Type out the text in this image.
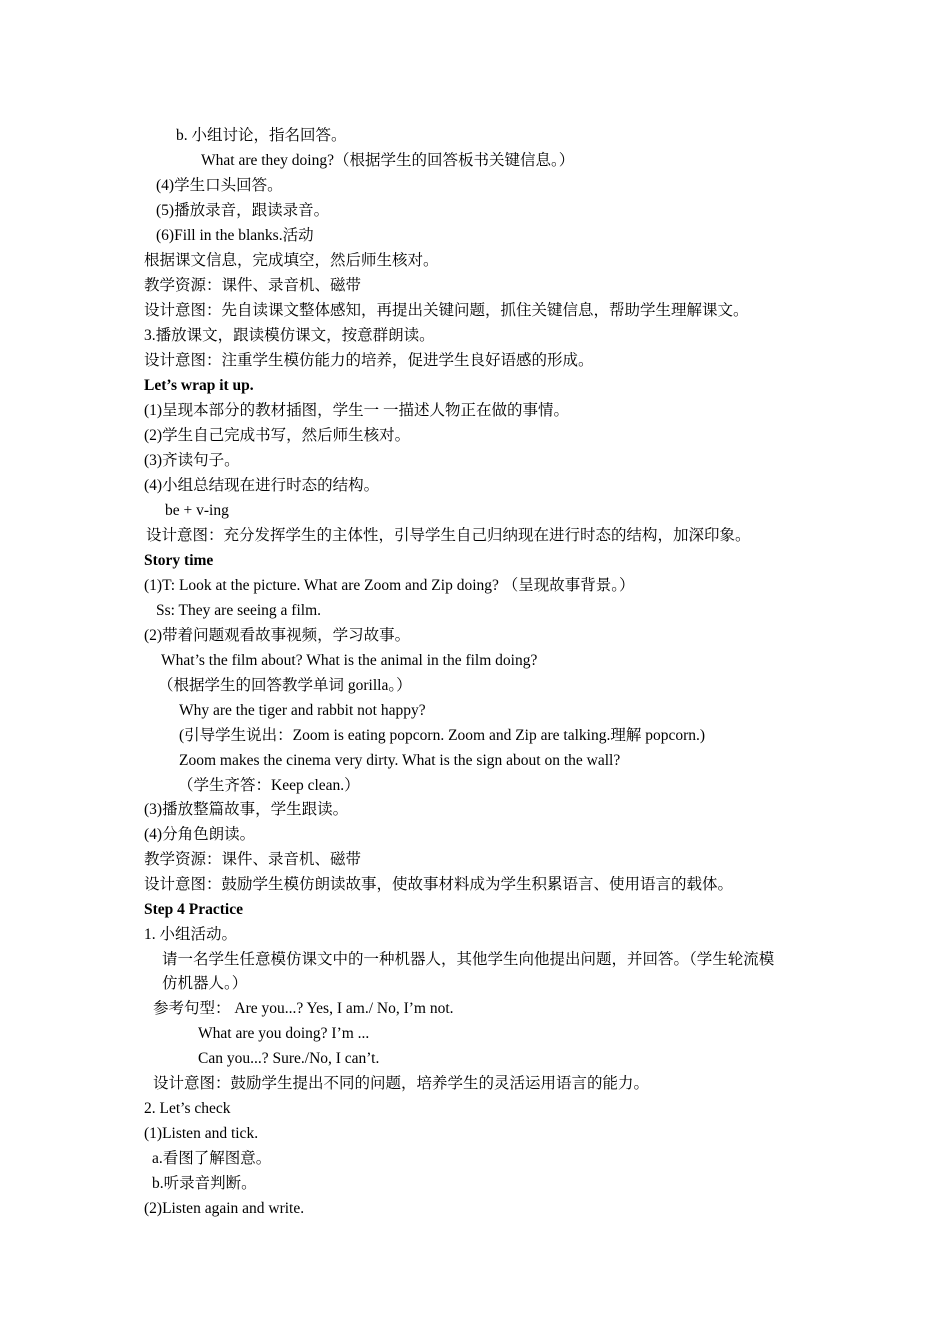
b. 小组讨论，指名回答。
What are they doing?（根据学生的回答板书关键信息。）
(4)学生口头回答。
(5)播放录音，跟读录音。
(6)Fill in the blanks.活动
根据课文信息，完成填空，然后师生核对。
教学资源：课件、录音机、磁带
设计意图：先自读课文整体感知，再提出关键问题，抓住关键信息，帮助学生理解课文。
3.播放课文，跟读模仿课文，按意群朗读。
设计意图：注重学生模仿能力的培养，促进学生良好语感的形成。
Let’s wrap it up.
(1)呈现本部分的教材插图，学生一 一描述人物正在做的事情。
(2)学生自己完成书写，然后师生核对。
(3)齐读句子。
(4)小组总结现在进行时态的结构。
be + v-ing
设计意图：充分发挥学生的主体性，引导学生自己归纳现在进行时态的结构，加深印象。
Story time
(1)T: Look at the picture. What are Zoom and Zip doing? （呈现故事背景。）
Ss: They are seeing a film.
(2)带着问题观看故事视频，学习故事。
What’s the film about? What is the animal in the film doing?
（根据学生的回答教学单词 gorilla。）
Why are the tiger and rabbit not happy?
(引导学生说出：Zoom is eating popcorn. Zoom and Zip are talking.理解 popcorn.)
Zoom makes the cinema very dirty. What is the sign about on the wall?
（学生齐答：Keep clean.）
(3)播放整篇故事，学生跟读。
(4)分角色朗读。
教学资源：课件、录音机、磁带
设计意图：鼓励学生模仿朗读故事，使故事材料成为学生积累语言、使用语言的载体。
Step 4 Practice
1. 小组活动。
请一名学生任意模仿课文中的一种机器人，其他学生向他提出问题，并回答。（学生轮流模
仿机器人。）
参考句型： Are you...? Yes, I am./ No, I’m not.
What are you doing? I’m ...
Can you...? Sure./No, I can’t.
设计意图：鼓励学生提出不同的问题，培养学生的灵活运用语言的能力。
2. Let’s check
(1)Listen and tick.
a.看图了解图意。
b.听录音判断。
(2)Listen again and write.
